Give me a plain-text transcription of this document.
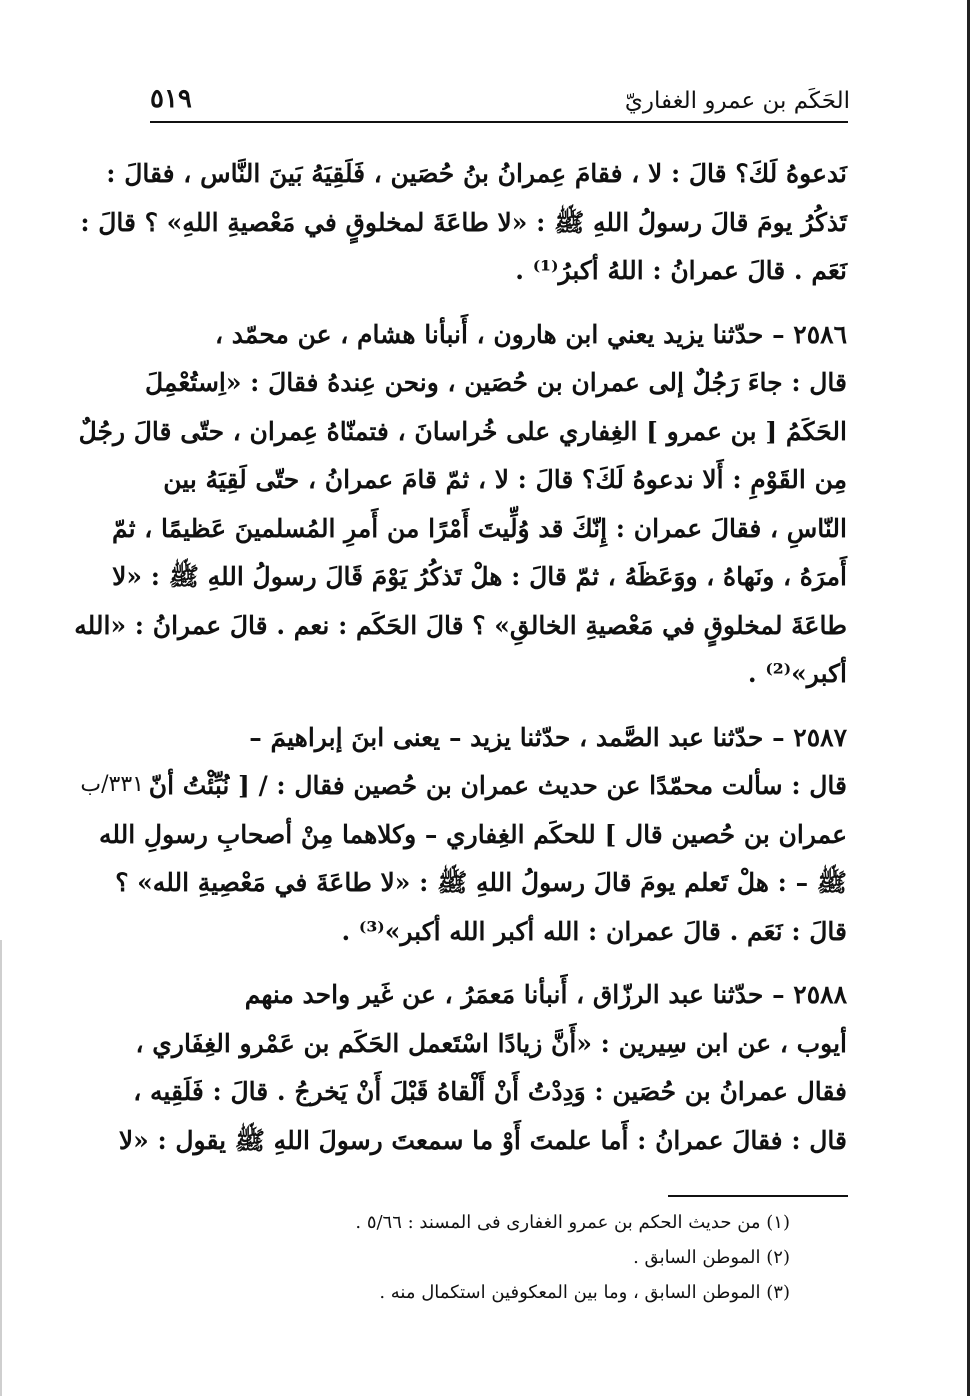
الحَكَم بن عمرو الغفاريّ
٥١٩

نَدعوهُ لَكَ؟ قالَ : لا ، فقامَ عِمرانُ بنُ حُصَين ، فَلَقِيَهُ بَينَ النَّاس ، فقالَ :
تَذكُرُ يومَ قالَ رسولُ اللهِ ﷺ : «لا طاعَةَ لمخلوقٍ في مَعْصيةِ اللهِ» ؟ قالَ :
نَعَم . قالَ عمرانُ : اللهُ أكبرُ⁽¹⁾ .

٢٥٨٦ – حدّثنا يزيد يعني ابن هارون ، أَنبأنا هشام ، عن محمّد ،
قال : جاءَ رَجُلٌ إلى عمران بن حُصَين ، ونحن عِندهُ فقالَ : «اِستُعْمِلَ
الحَكَمُ [ بن عمرو ] الغِفاري على خُراسانَ ، فتمنّاهُ عِمران ، حتّى قالَ رجُلٌ
مِن القَوْمِ : أَلا ندعوهُ لَكَ؟ قالَ : لا ، ثمّ قامَ عمرانُ ، حتّى لَقِيَهُ بين
النّاسِ ، فقالَ عمران : إِنّكَ قد وُلِّيتَ أَمْرًا من أَمرِ المُسلمينَ عَظيمًا ، ثمّ
أَمرَهُ ، ونَهاهُ ، ووَعَظَهُ ، ثمّ قالَ : هلْ تَذكُرُ يَوْمَ قَالَ رسولُ اللهِ ﷺ : «لا
طاعَةَ لمخلوقٍ في مَعْصيةِ الخالقِ» ؟ قالَ الحَكَم : نعم . قالَ عمرانُ : «الله
أكبر»⁽²⁾ .

٢٥٨٧ – حدّثنا عبد الصَّمد ، حدّثنا يزيد – يعنى ابنَ إبراهيمَ –
قال : سألت محمّدًا عن حديث عمران بن حُصين فقال : / [ نُبِّئْتُ أنّ
عمران بن حُصين قال ] للحكَم الغِفاري – وكلاهما مِنْ أصحابِ رسولِ الله
ﷺ – : هلْ تَعلم يومَ قالَ رسولُ اللهِ ﷺ : «لا طاعَةَ في مَعْصِيةِ الله» ؟
قالَ : نَعَم . قالَ عمران : الله أكبر الله أكبر»⁽³⁾ .

٢٥٨٨ – حدّثنا عبد الرزّاق ، أَنبأنا مَعمَرُ ، عن غَير واحد منهم
أيوب ، عن ابن سِيرين : «أَنَّ زيادًا اسْتَعمل الحَكَم بن عَمْرو الغِفَاري ،
فقال عمرانُ بن حُصَين : وَدِدْتُ أَنْ أَلْقاهُ قَبْلَ أَنْ يَخرجُ . قالَ : فَلَقِيه ،
قال : فقالَ عمرانُ : أَما علمتَ أَوْ ما سمعتَ رسولَ اللهِ ﷺ يقول : «لا

٣٣١/ب
(١) من حديث الحكم بن عمرو الغفارى فى المسند : ٥/٦٦ .
(٢) الموطن السابق .
(٣) الموطن السابق ، وما بين المعكوفين استكمال منه .
